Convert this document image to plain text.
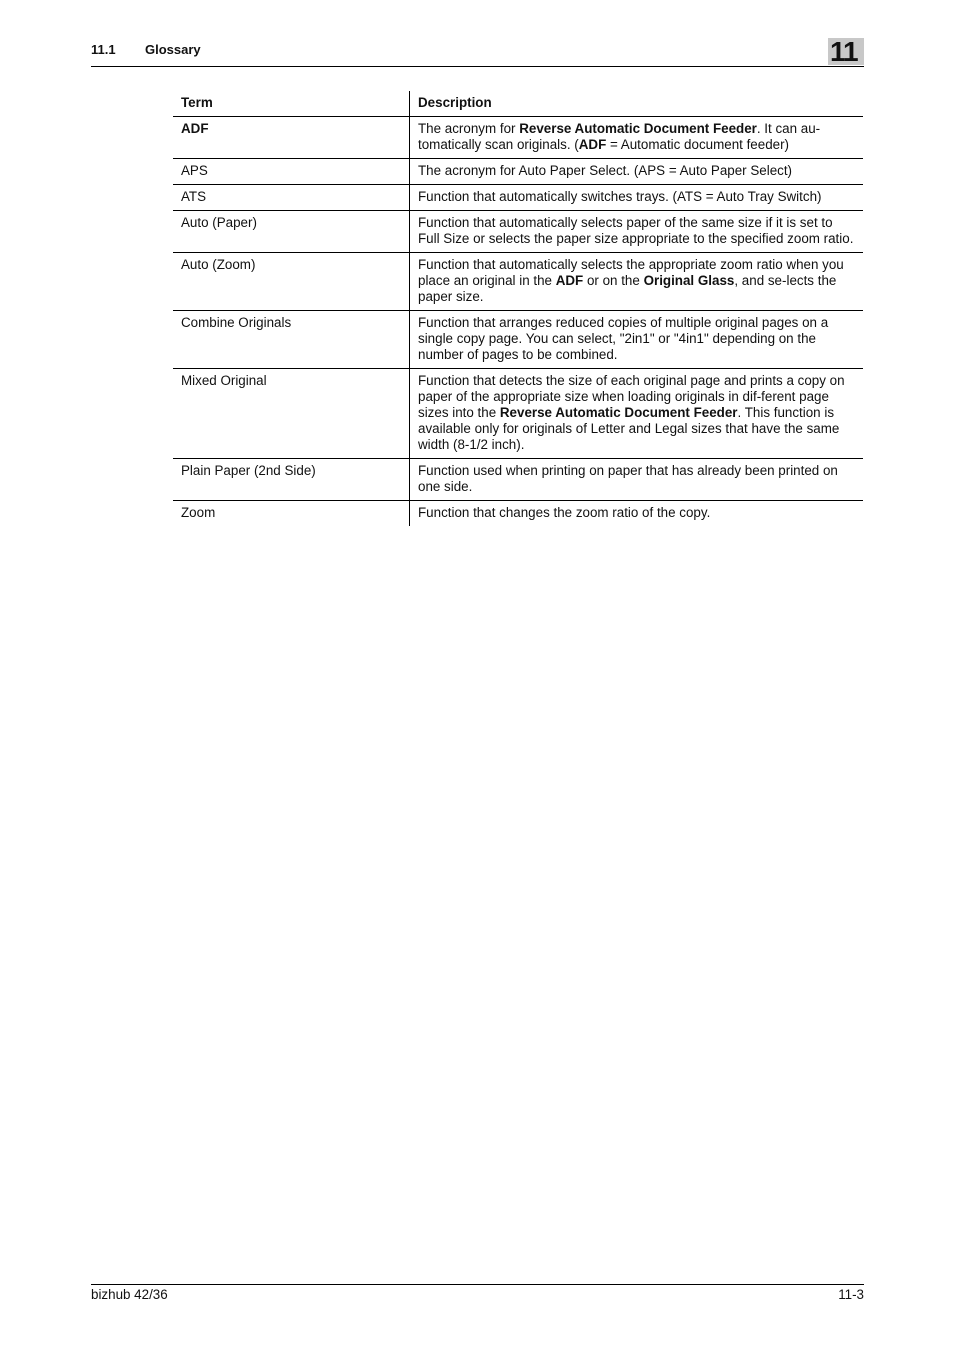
11.1 Glossary	11
Term	Description
ADF	The acronym for Reverse Automatic Document Feeder. It can au-tomatically scan originals. (ADF = Automatic document feeder)
APS	The acronym for Auto Paper Select. (APS = Auto Paper Select)
ATS	Function that automatically switches trays. (ATS = Auto Tray Switch)
Auto (Paper)	Function that automatically selects paper of the same size if it is set to Full Size or selects the paper size appropriate to the specified zoom ratio.
Auto (Zoom)	Function that automatically selects the appropriate zoom ratio when you place an original in the ADF or on the Original Glass, and se-lects the paper size.
Combine Originals	Function that arranges reduced copies of multiple original pages on a single copy page. You can select, "2in1" or "4in1" depending on the number of pages to be combined.
Mixed Original	Function that detects the size of each original page and prints a copy on paper of the appropriate size when loading originals in dif-ferent page sizes into the Reverse Automatic Document Feeder. This function is available only for originals of Letter and Legal sizes that have the same width (8-1/2 inch).
Plain Paper (2nd Side)	Function used when printing on paper that has already been printed on one side.
Zoom	Function that changes the zoom ratio of the copy.
bizhub 42/36	11-3
